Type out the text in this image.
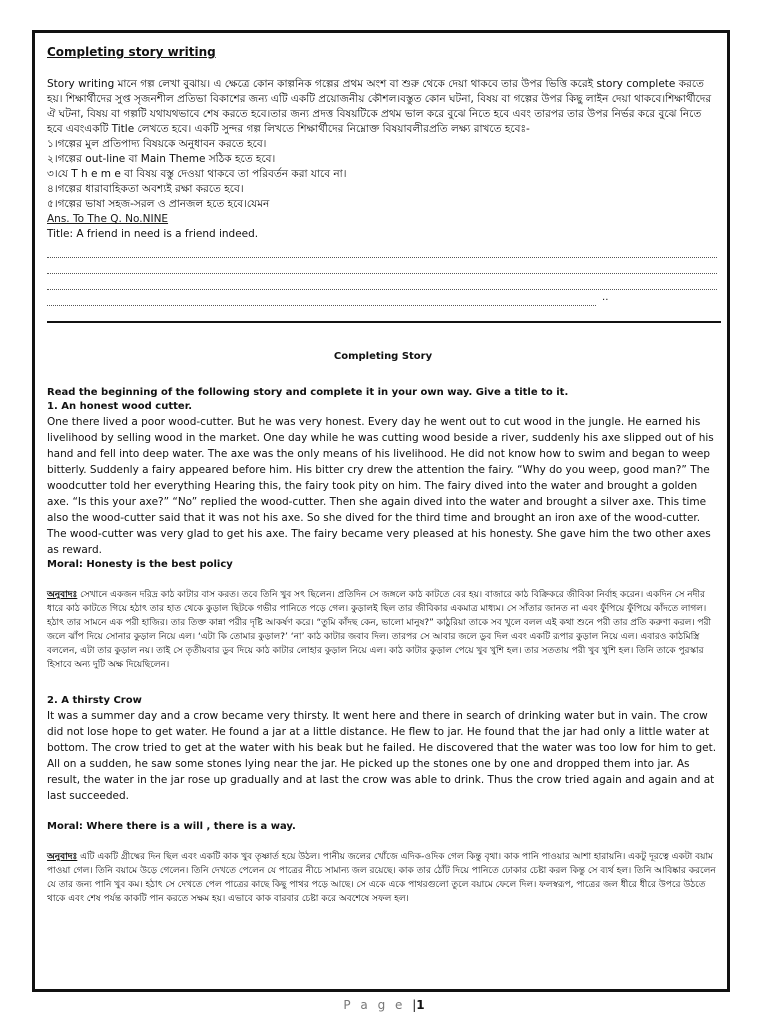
Completing story writing

Story writing মানে গল্প লেখা বুঝায়। এ ক্ষেত্রে কোন কাল্পনিক গল্পের প্রথম অংশ বা শুরু থেকে দেয়া থাকবে তার উপর ভিত্তি করেই story complete করতে হয়। শিক্ষার্থীদের সুপ্ত সৃজনশীল প্রতিভা বিকাশের জন্য এটি একটি প্রয়োজনীয় কৌশল।বস্তুত কোন ঘটনা, বিষয় বা গল্পের উপর কিছু লাইন দেয়া থাকবে।শিক্ষার্থীদের ঐ ঘটনা, বিষয় বা গল্পটি যথাযথভাবে শেষ করতে হবে।তার জন্য প্রদত্ত বিষয়টিকে প্রথম ভাল করে বুঝে নিতে হবে এবং তারপর তার উপর নির্ভর করে বুঝে নিতে হবে এবংএকটি Title লেখতে হবে। একটি সুন্দর গল্প লিখতে শিক্ষার্থীদের নিম্নোক্ত বিষয়াবলীরপ্রতি লক্ষ্য রাখতে হবেঃ-

১।গল্পের মুল প্রতিপাদ্য বিষয়কে অনুধাবন করতে হবে।

২।গল্পের out-line বা Main Theme সঠিক হতে হবে।

৩।যে T h e m e বা বিষয় বস্তু দেওয়া থাকবে তা পরিবর্তন করা যাবে না।

৪।গল্পের ধারাবাহিকতা অবশ্যই রক্ষা করতে হবে।

৫।গল্পের ভাষা সহজ-সরল ও প্রানজল হতে হবে।যেমন

Ans. To The Q. No.NINE

Title: A friend in need is a friend indeed.

..

Completing Story

Read the beginning of the following story and complete it in your own way. Give a title to it.

1. An honest wood cutter.

One there lived a poor wood-cutter. But he was very honest. Every day he went out to cut wood in the jungle. He earned his livelihood by selling wood in the market. One day while he was cutting wood beside a river, suddenly his axe slipped out of his hand and fell into deep water. The axe was the only means of his livelihood. He did not know how to swim and began to weep bitterly. Suddenly a fairy appeared before him. His bitter cry drew the attention the fairy. “Why do you weep, good man?” The woodcutter told her everything Hearing this, the fairy took pity on him. The fairy dived into the water and brought a golden axe. “Is this your axe?” “No” replied the wood-cutter. Then she again dived into the water and brought a silver axe. This time also the wood-cutter said that it was not his axe. So she dived for the third time and brought an iron axe of the wood-cutter. The wood-cutter was very glad to get his axe. The fairy became very pleased at his honesty. She gave him the two other axes as reward.

Moral: Honesty is the best policy

অনুবাদঃ সেখানে একজন দরিদ্র কাঠ কাটার বাস করত। তবে তিনি খুব সৎ ছিলেন। প্রতিদিন সে জঙ্গলে কাঠ কাটতে বের হয়। বাজারে কাঠ বিক্রিকরে জীবিকা নির্বাহ করেন। একদিন সে নদীর ধারে কাঠ কাটতে গিয়ে হঠাৎ তার হাত থেকে কুড়াল ছিটকে গভীর পানিতে পড়ে গেল। কুড়ালই ছিল তার জীবিকার একমাত্র মাধ্যম। সে সাঁতার জানত না এবং ফুঁপিয়ে ফুঁপিয়ে কাঁদতে লাগল। হঠাৎ তার সামনে এক পরী হাজির। তার তিক্ত কান্না পরীর দৃষ্টি আকর্ষণ করে। “তুমি কাঁদছ কেন, ভালো মানুষ?” কাঠুরিয়া তাকে সব খুলে বলল এই কথা শুনে পরী তার প্রতি করুণা করল। পরী জলে ঝাঁপ দিয়ে সোনার কুড়াল নিয়ে এল। ‘এটা কি তোমার কুড়াল?’ ‘না’ কাঠ কাটার জবাব দিল। তারপর সে আবার জলে ডুব দিল এবং একটি রূপার কুড়াল নিয়ে এল। এবারও কাঠমিস্ত্রি বললেন, এটা তার কুড়াল নয়। তাই সে তৃতীয়বার ডুব দিয়ে কাঠ কাটার লোহার কুড়াল নিয়ে এল। কাঠ কাটার কুড়াল পেয়ে খুব খুশি হল। তার সততায় পরী খুব খুশি হল। তিনি তাকে পুরস্কার হিসাবে অন্য দুটি অক্ষ দিয়েছিলেন।

2. A thirsty Crow

It was a summer day and a crow became very thirsty. It went here and there in search of drinking water but in vain. The crow did not lose hope to get water. He found a jar at a little distance. He flew to jar. He found that the jar had only a little water at bottom. The crow tried to get at the water with his beak but he failed. He discovered that the water was too low for him to get. All on a sudden, he saw some stones lying near the jar. He picked up the stones one by one and dropped them into jar. As result, the water in the jar rose up gradually and at last the crow was able to drink. Thus the crow tried again and again and at last succeeded.

Moral: Where there is a will , there is a way.

অনুবাদঃ এটি একটি গ্রীষ্মের দিন ছিল এবং একটি কাক খুব তৃষ্ণার্ত হয়ে উঠল। পানীয় জলের খোঁজে এদিক-ওদিক গেল কিন্তু বৃথা। কাক পানি পাওয়ার আশা হারায়নি। একটু দূরত্বে একটা বয়াম পাওয়া গেল। তিনি বয়ামে উড়ে গেলেন। তিনি দেখতে পেলেন যে পাত্রের নীচে সামান্য জল রয়েছে। কাক তার ঠোঁট দিয়ে পানিতে ঢোকার চেষ্টা করল কিন্তু সে ব্যর্থ হল। তিনি আবিষ্কার করলেন যে তার জন্য পানি খুব কম। হঠাৎ সে দেখতে পেল পাত্রের কাছে কিছু পাথর পড়ে আছে। সে একে একে পাথরগুলো তুলে বয়ামে ফেলে দিল। ফলস্বরূপ, পাত্রের জল ধীরে ধীরে উপরে উঠতে থাকে এবং শেষ পর্যন্ত কাকটি পান করতে সক্ষম হয়। এভাবে কাক বারবার চেষ্টা করে অবশেষে সফল হল।

P a g e |1
